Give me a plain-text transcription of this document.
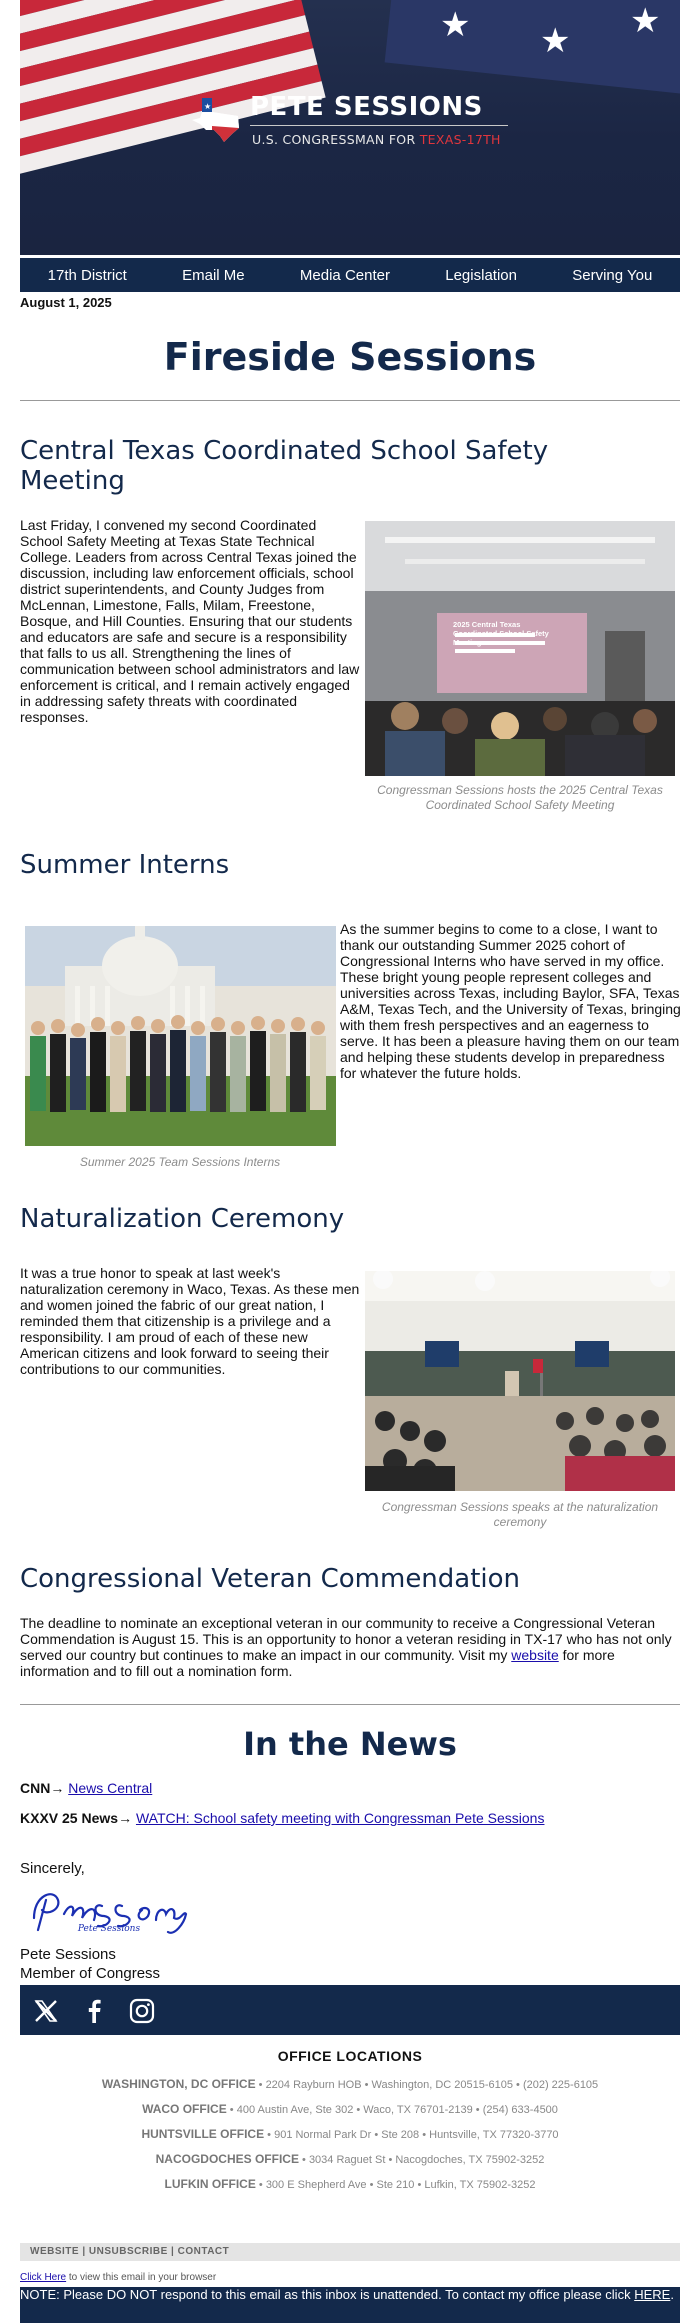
★ ★
★
★ PETE SESSIONS
U.S. CONGRESSMAN FOR TEXAS-17TH
17th District	Email Me	Media Center	Legislation	Serving You
August 1, 2025
Fireside Sessions
Central Texas Coordinated School Safety Meeting

Last Friday, I convened my second Coordinated School Safety Meeting at Texas State Technical College. Leaders from across Central Texas joined the discussion, including law enforcement officials, school district superintendents, and County Judges from McLennan, Limestone, Falls, Milam, Freestone, Bosque, and Hill Counties. Ensuring that our students and educators are safe and secure is a responsibility that falls to us all. Strengthening the lines of communication between school administrators and law enforcement is critical, and I remain actively engaged in addressing safety threats with coordinated responses.

2025 Central Texas Coordinated School Safety Meeting

Congressman Sessions hosts the 2025 Central Texas Coordinated School Safety Meeting

Summer Interns

Summer 2025 Team Sessions Interns

As the summer begins to come to a close, I want to thank our outstanding Summer 2025 cohort of Congressional Interns who have served in my office. These bright young people represent colleges and universities across Texas, including Baylor, SFA, Texas A&M, Texas Tech, and the University of Texas, bringing with them fresh perspectives and an eagerness to serve. It has been a pleasure having them on our team and helping these students develop in preparedness for whatever the future holds.

Naturalization Ceremony

It was a true honor to speak at last week's naturalization ceremony in Waco, Texas. As these men and women joined the fabric of our great nation, I reminded them that citizenship is a privilege and a responsibility. I am proud of each of these new American citizens and look forward to seeing their contributions to our communities.

Congressman Sessions speaks at the naturalization ceremony

Congressional Veteran Commendation

The deadline to nominate an exceptional veteran in our community to receive a Congressional Veteran Commendation is August 15. This is an opportunity to honor a veteran residing in TX-17 who has not only served our country but continues to make an impact in our community. Visit my website for more information and to fill out a nomination form.

In the News
CNN→ News Central
KXXV 25 News→ WATCH: School safety meeting with Congressman Pete Sessions
Sincerely,
Pete Sessions
Pete Sessions
Member of Congress
OFFICE LOCATIONS
WASHINGTON, DC OFFICE • 2204 Rayburn HOB • Washington, DC 20515-6105 • (202) 225-6105
WACO OFFICE • 400 Austin Ave, Ste 302 • Waco, TX 76701-2139 • (254) 633-4500
HUNTSVILLE OFFICE • 901 Normal Park Dr • Ste 208 • Huntsville, TX 77320-3770
NACOGDOCHES OFFICE • 3034 Raguet St • Nacogdoches, TX 75902-3252
LUFKIN OFFICE • 300 E Shepherd Ave • Ste 210 • Lufkin, TX 75902-3252
WEBSITE | UNSUBSCRIBE | CONTACT
Click Here to view this email in your browser
NOTE: Please DO NOT respond to this email as this inbox is unattended. To contact my office please click HERE.
